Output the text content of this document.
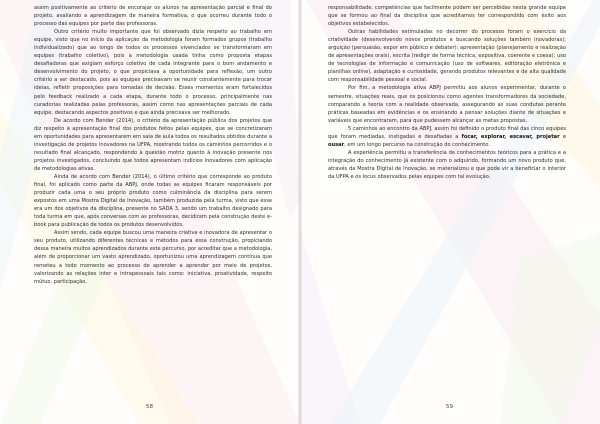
assim positivamente ao critério de encorajar os alunos na apresentação parcial e final do projeto, avaliando a aprendizagem de maneira formativa, o que ocorreu durante todo o processo das equipes por parte das professoras.

Outro critério muito importante que foi observado dizia respeito ao trabalho em equipe, visto que no início da aplicação da metodologia foram formados grupos (trabalho individualizado) que ao longo de todos os processos vivenciados se transformaram em equipes (trabalho coletivo), pois a metodologia usada tinha como proposta etapas desafiadoras que exigiam esforço coletivo de cada integrante para o bom andamento e desenvolvimento do projeto, o que propiciava a oportunidade para reflexão, um outro critério a ser destacado, pois as equipes precisavam se reunir constantemente para trocar ideias, refletir proposições para tomadas de decisão. Esses momentos eram fortalecidos pelo feedback realizado a cada etapa, durante todo o processo, principalmente nas curadorias realizadas pelas professoras, assim como nas apresentações parciais de cada equipe, destacando aspectos positivos e que ainda precisava ser melhorado.

De acordo com Bender (2014), o critério da apresentação pública dos projetos que diz respeito à apresentação final dos produtos feitos pelas equipes, que se concretizaram em oportunidades para apresentarem em sala de aula todos os resultados obtidos durante a investigação de projetos inovadores na UFPA, mostrando todos os caminhos percorridos e o resultado final alcançado, respondendo à questão motriz quanto à inovação presente nos projetos investigados, concluindo que todos apresentam indícios inovadores com aplicação de metodologias ativas.

Ainda de acordo com Bender (2014), o último critério que corresponde ao produto final, foi aplicado como parte da ABPJ, onde todas as equipes ficaram responsáveis por produzir cada uma o seu próprio produto como culminância da disciplina para serem expostos em uma Mostra Digital de Inovação, também produzida pela turma, visto que esse era um dos objetivos da disciplina, presente no SADA 3, sendo um trabalho designado para toda turma em que, após conversas com as professoras, decidiram pela construção deste e-book para publicação de todos os produtos desenvolvidos.

Assim sendo, cada equipe buscou uma maneira criativa e inovadora de apresentar o seu produto, utilizando diferentes técnicas e métodos para essa construção, propiciando dessa maneira muitos aprendizados durante este percurso, por acreditar que a metodologia, além de proporcionar um vasto aprendizado, oportunizou uma aprendizagem contínua que remeteu a todo momento ao processo de aprender a aprender por meio de projetos, valorizando as relações inter e intrapessoais tais como: iniciativa, proatividade, respeito mútuo, participação,

58

responsabilidade, competências que facilmente podem ser percebidas nesta grande equipe que se formou ao final da disciplina que acreditamos ter correspondido com êxito aos objetivos estabelecidos.

Outras habilidades estimuladas no decorrer do processo foram o exercício da criatividade (desenvolvendo novos produtos e buscando soluções também inovadoras); arguição (persuasão, expor em público e debater); apresentação (planejamento e realização de apresentações orais), escrita (redigir de forma técnica, expositiva, coerente e coesa); uso de tecnologias de informação e comunicação (uso de softwares, editoração eletrônica e planilhas online), adaptação e curiosidade, gerando produtos relevantes e de alta qualidade com responsabilidade pessoal e social.

Por fim, a metodologia ativa ABPJ permitiu aos alunos experimentar, durante o semestre, situações reais, que os posicionou como agentes transformadores da sociedade, comparando a teoria com a realidade observada, assegurando as suas condutas perante práticas baseadas em evidências e os ensinando a pensar soluções diante de situações e variáveis que encontraram, para que pudessem alcançar as metas propostas.

5 caminhos ao encontro da ABPJ, assim foi definido o produto final das cinco equipes que foram mediadas, instigadas e desafiadas a focar, explorar, escavar, projetar e ousar, em um longo percurso na construção do conhecimento.

A experiência permitiu a transferência de conhecimentos teóricos para a prática e a integração do conhecimento já existente com o adquirido, formando um novo produto que, através da Mostra Digital de Inovação, se materializou e que pode vir a beneficiar o interior da UFPA e os locus observados pelas equipes com tal evolução.

59
